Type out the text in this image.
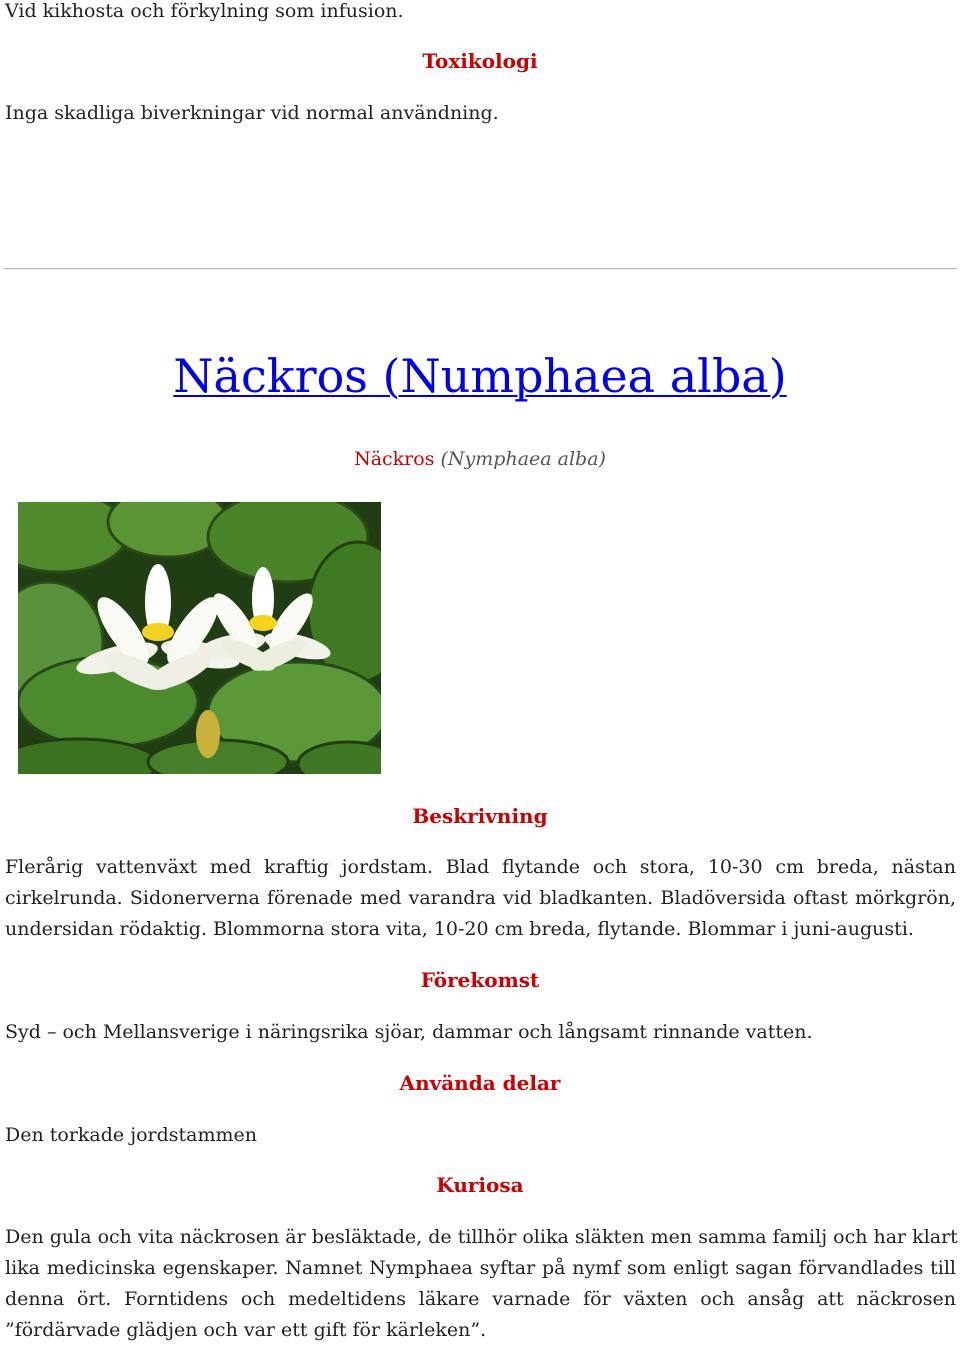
Vid kikhosta och förkylning som infusion.

Toxikologi

Inga skadliga biverkningar vid normal användning.

Näckros (Numphaea alba)

Näckros (Nymphaea alba)

Beskrivning
Flerårig vattenväxt med kraftig jordstam. Blad flytande och stora, 10-30 cm breda, nästan
cirkelrunda. Sidonerverna förenade med varandra vid bladkanten. Bladöversida oftast mörkgrön,
undersidan rödaktig. Blommorna stora vita, 10-20 cm breda, flytande. Blommar i juni-augusti.
Förekomst

Syd – och Mellansverige i näringsrika sjöar, dammar och långsamt rinnande vatten.

Använda delar

Den torkade jordstammen

Kuriosa
Den gula och vita näckrosen är besläktade, de tillhör olika släkten men samma familj och har klart
lika medicinska egenskaper. Namnet Nymphaea syftar på nymf som enligt sagan förvandlades till
denna ört. Forntidens och medeltidens läkare varnade för växten och ansåg att näckrosen
”fördärvade glädjen och var ett gift för kärleken”.
